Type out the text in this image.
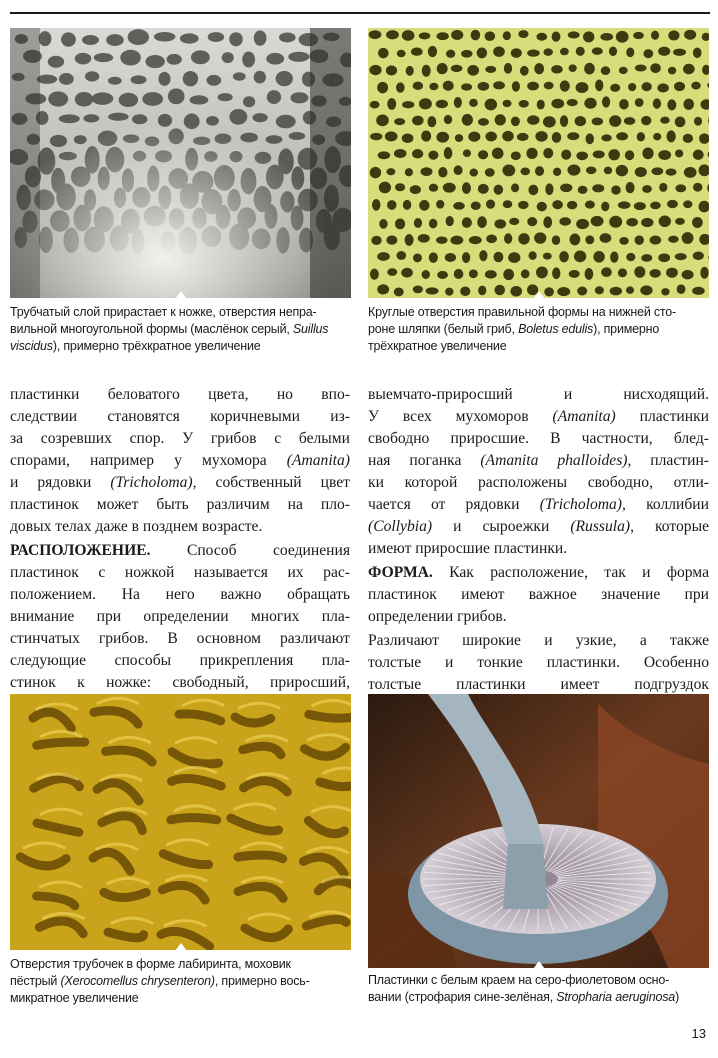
Трубчатый слой прирастает к ножке, отверстия непра-

вильной многоугольной формы (маслёнок серый, Suillus

viscidus), примерно трёхкратное увеличение

Круглые отверстия правильной формы на нижней сто-

роне шляпки (белый гриб, Boletus edulis), примерно

трёхкратное увеличение

пластинки беловатого цвета, но впо-

следствии становятся коричневыми из-

за созревших спор. У грибов с белыми

спорами, например у мухомора (Amanita)

и рядовки (Tricholoma), собственный цвет

пластинок может быть различим на пло-

довых телах даже в позднем возрасте.

РАСПОЛОЖЕНИЕ. Способ соединения

пластинок с ножкой называется их рас-

положением. На него важно обращать

внимание при определении многих пла-

стинчатых грибов. В основном различают

следующие способы прикрепления пла-

стинок к ножке: свободный, приросший,

выемчато-приросший и нисходящий.

У всех мухоморов (Amanita) пластинки

свободно приросшие. В частности, блед-

ная поганка (Amanita phalloides), пластин-

ки которой расположены свободно, отли-

чается от рядовки (Tricholoma), коллибии

(Collybia) и сыроежки (Russula), которые

имеют приросшие пластинки.

ФОРМА. Как расположение, так и форма

пластинок имеют важное значение при

определении грибов.

Различают широкие и узкие, а также

толстые и тонкие пластинки. Особенно

толстые пластинки имеет подгруздок

Отверстия трубочек в форме лабиринта, моховик

пёстрый (Xerocomellus chrysenteron), примерно вось-

микратное увеличение

Пластинки с белым краем на серо-фиолетовом осно-

вании (строфария сине-зелёная, Stropharia aeruginosa)

13
